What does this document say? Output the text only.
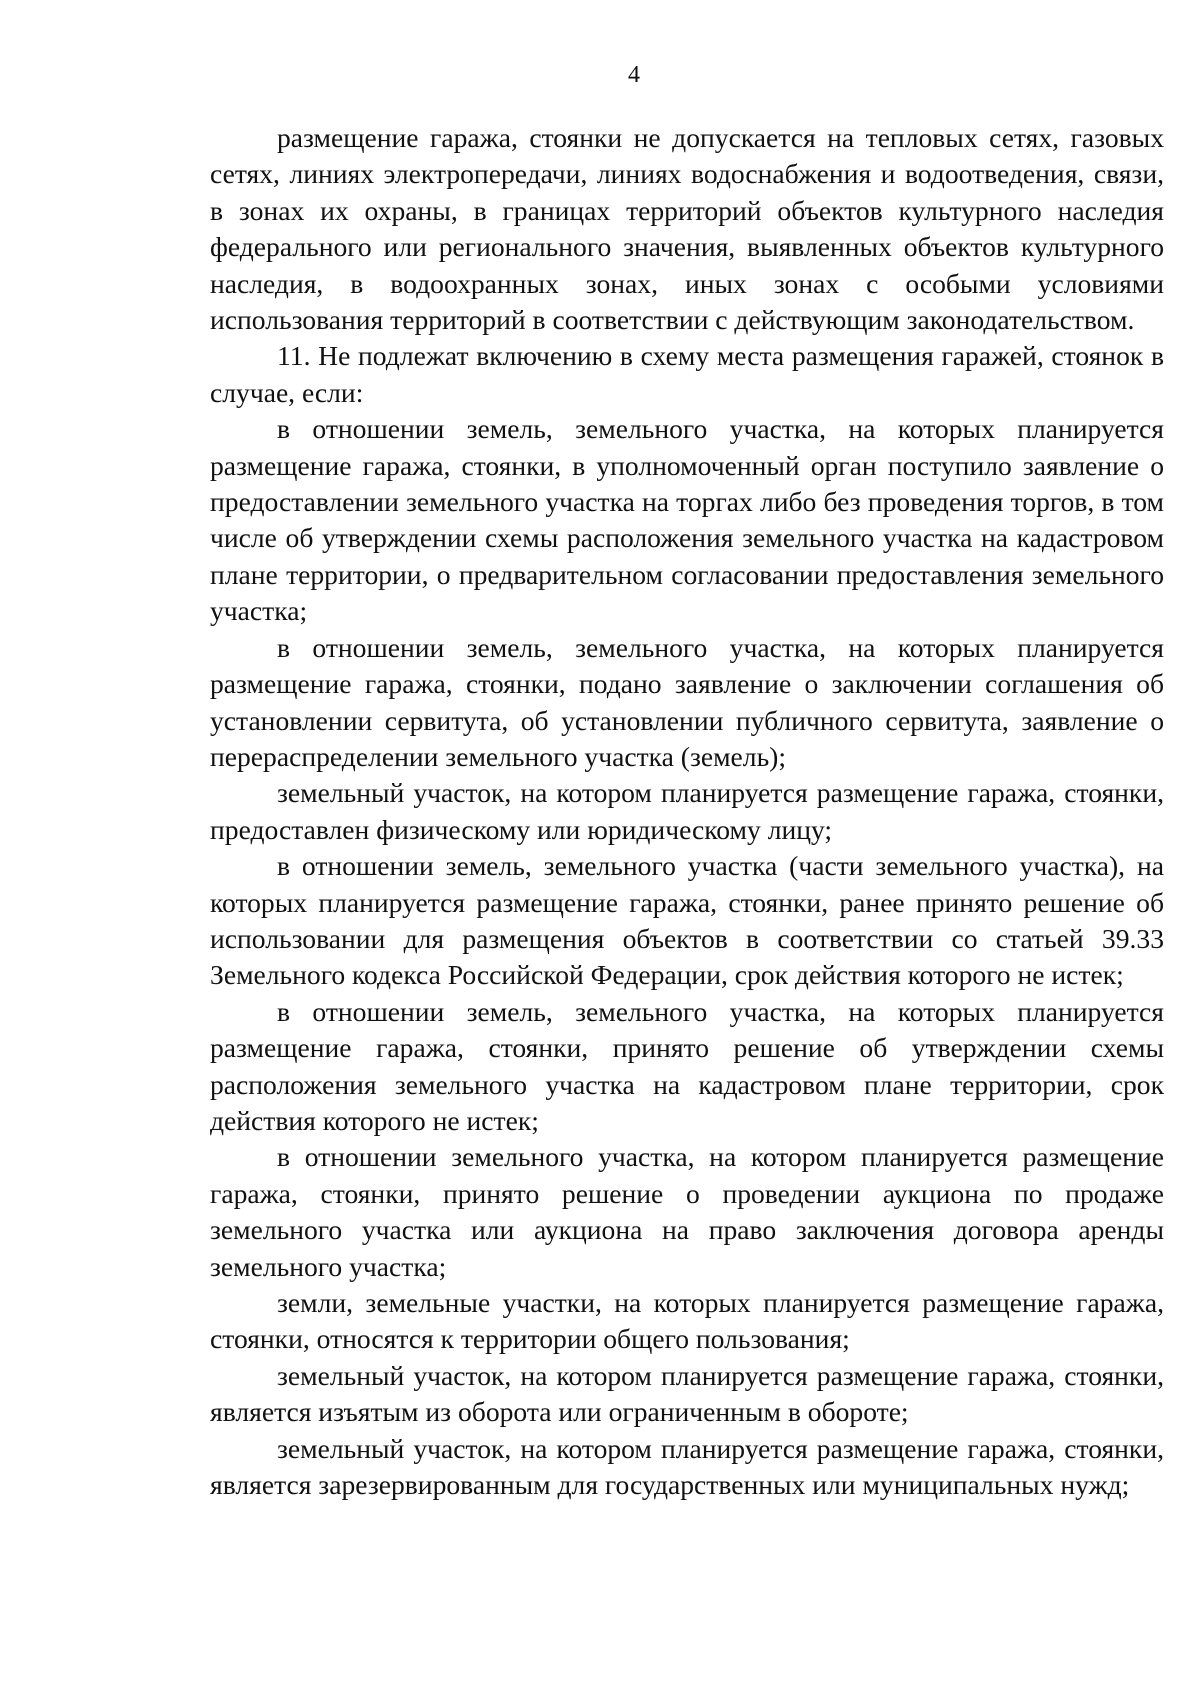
4

размещение гаража, стоянки не допускается на тепловых сетях, газовых сетях, линиях электропередачи, линиях водоснабжения и водоотведения, связи, в зонах их охраны, в границах территорий объектов культурного наследия федерального или регионального значения, выявленных объектов культурного наследия, в водоохранных зонах, иных зонах с особыми условиями использования территорий в соответствии с действующим законодательством.

11. Не подлежат включению в схему места размещения гаражей, стоянок в случае, если:

в отношении земель, земельного участка, на которых планируется размещение гаража, стоянки, в уполномоченный орган поступило заявление о предоставлении земельного участка на торгах либо без проведения торгов, в том числе об утверждении схемы расположения земельного участка на кадастровом плане территории, о предварительном согласовании предоставления земельного участка;

в отношении земель, земельного участка, на которых планируется размещение гаража, стоянки, подано заявление о заключении соглашения об установлении сервитута, об установлении публичного сервитута, заявление о перераспределении земельного участка (земель);

земельный участок, на котором планируется размещение гаража, стоянки, предоставлен физическому или юридическому лицу;

в отношении земель, земельного участка (части земельного участка), на которых планируется размещение гаража, стоянки, ранее принято решение об использовании для размещения объектов в соответствии со статьей 39.33 Земельного кодекса Российской Федерации, срок действия которого не истек;

в отношении земель, земельного участка, на которых планируется размещение гаража, стоянки, принято решение об утверждении схемы расположения земельного участка на кадастровом плане территории, срок действия которого не истек;

в отношении земельного участка, на котором планируется размещение гаража, стоянки, принято решение о проведении аукциона по продаже земельного участка или аукциона на право заключения договора аренды земельного участка;

земли, земельные участки, на которых планируется размещение гаража, стоянки, относятся к территории общего пользования;

земельный участок, на котором планируется размещение гаража, стоянки, является изъятым из оборота или ограниченным в обороте;

земельный участок, на котором планируется размещение гаража, стоянки, является зарезервированным для государственных или муниципальных нужд;
